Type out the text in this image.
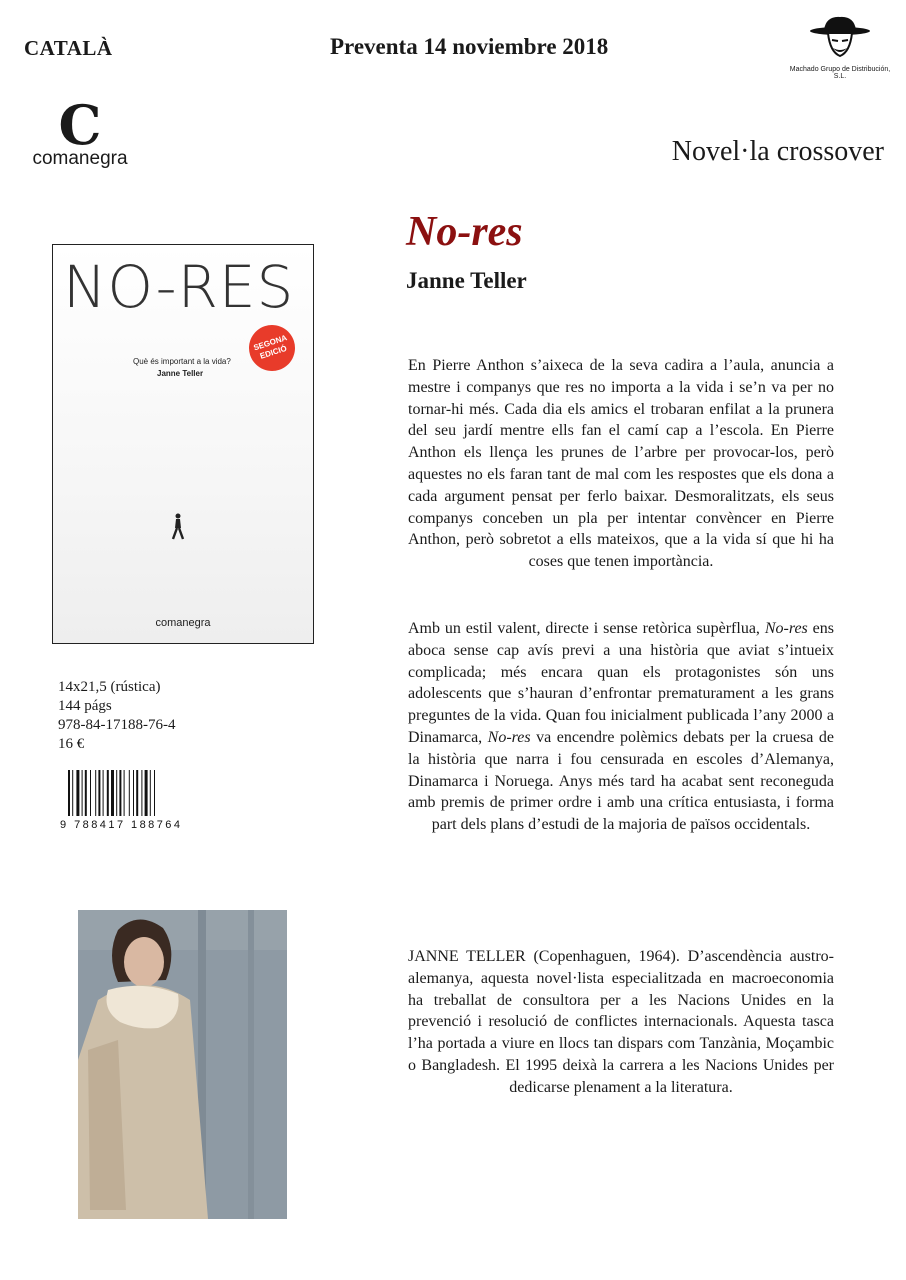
CATALÀ	Preventa 14 noviembre 2018
Machado Grupo de Distribución, S.L.
C
comanegra	Novel·la crossover
No-res
Janne Teller
NO-RES
SEGONA EDICIÓ
Què és important a la vida?
Janne Teller
comanegra
14x21,5 (rústica)
144 págs
978-84-17188-76-4
16 €
9 788417 188764

En Pierre Anthon s’aixeca de la seva cadira a l’aula, anuncia a mestre i companys que res no importa a la vida i se’n va per no tornar-hi més. Cada dia els amics el trobaran enfilat a la prunera del seu jardí mentre ells fan el camí cap a l’escola. En Pierre Anthon els llença les prunes de l’arbre per provocar-los, però aquestes no els faran tant de mal com les respostes que els dona a cada argument pensat per ferlo baixar. Desmoralitzats, els seus companys conceben un pla per intentar convèncer en Pierre Anthon, però sobretot a ells mateixos, que a la vida sí que hi ha coses que tenen importància.

Amb un estil valent, directe i sense retòrica supèrflua, No-res ens aboca sense cap avís previ a una història que aviat s’intueix complicada; més encara quan els protagonistes són uns adolescents que s’hauran d’enfrontar prematurament a les grans preguntes de la vida. Quan fou inicialment publicada l’any 2000 a Dinamarca, No-res va encendre polèmics debats per la cruesa de la història que narra i fou censurada en escoles d’Alemanya, Dinamarca i Noruega. Anys més tard ha acabat sent reconeguda amb premis de primer ordre i amb una crítica entusiasta, i forma part dels plans d’estudi de la majoria de països occidentals.

JANNE TELLER (Copenhaguen, 1964). D’ascendència austro-alemanya, aquesta novel·lista especialitzada en macroeconomia ha treballat de consultora per a les Nacions Unides en la prevenció i resolució de conflictes internacionals. Aquesta tasca l’ha portada a viure en llocs tan dispars com Tanzània, Moçambic o Bangladesh. El 1995 deixà la carrera a les Nacions Unides per dedicarse plenament a la literatura.
